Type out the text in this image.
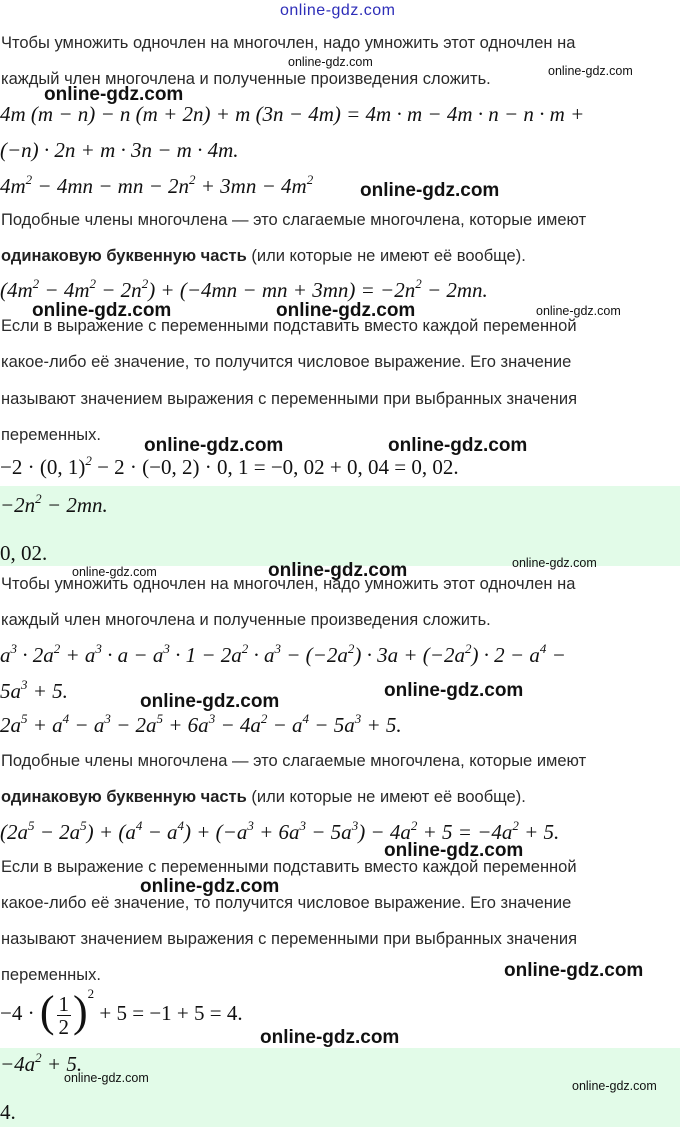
online-gdz.com
Чтобы умножить одночлен на многочлен, надо умножить этот одночлен на
каждый член многочлена и полученные произведения сложить.
4m (m − n) − n (m + 2n) + m (3n − 4m) = 4m · m − 4m · n − n · m +
(−n) · 2n + m · 3n − m · 4m.
$4m^2 - 4mn$ − mn − $2n^2 + 3mn - 4m^2$
Подобные члены многочлена — это слагаемые многочлена, которые имеют
одинаковую буквенную часть (или которые не имеют её вообще).
$(4m^2 - 4m^2 - 2n^2) + (-4mn$ − mn + $3mn) = -2n^2 - 2mn$.
Если в выражение с переменными подставить вместо каждой переменной
какое-либо её значение, то получится числовое выражение. Его значение
называют значением выражения с переменными при выбранных значения
переменных.
−2 · (0, 1)$^2$ − 2 · (−0, 2) · 0, 1 = −0, 02 + 0, 04 = 0, 02.
$-2n^2 - 2mn$.
0, 02.
Чтобы умножить одночлен на многочлен, надо умножить этот одночлен на
каждый член многочлена и полученные произведения сложить.
$a^3 \cdot 2a^2 + a^3 \cdot a - a^3 \cdot 1 - 2a^2 \cdot a^3 - (-2a^2) \cdot 3a + (-2a^2) \cdot 2 - a^4$ −
$5a^3 + 5$.
$2a^5 + a^4 - a^3 - 2a^5 + 6a^3 - 4a^2 - a^4 - 5a^3 + 5$.
Подобные члены многочлена — это слагаемые многочлена, которые имеют
одинаковую буквенную часть (или которые не имеют её вообще).
$(2a^5 - 2a^5) + (a^4 - a^4) + (-a^3 + 6a^3 - 5a^3) - 4a^2 + 5 = -4a^2 + 5$.
Если в выражение с переменными подставить вместо каждой переменной
какое-либо её значение, то получится числовое выражение. Его значение
называют значением выражения с переменными при выбранных значения
переменных.
−4 · ( $\frac{1}{2} )^2 + 5 = -1 + 5 = 4$.
$-4a^2 + 5$.
4.
online-gdz.com
online-gdz.com
online-gdz.com
online-gdz.com
online-gdz.com	online-gdz.com	online-gdz.com
online-gdz.com	online-gdz.com
online-gdz.com	online-gdz.com	online-gdz.com
online-gdz.com
online-gdz.com
online-gdz.com
online-gdz.com
online-gdz.com
online-gdz.com
online-gdz.com
online-gdz.com
